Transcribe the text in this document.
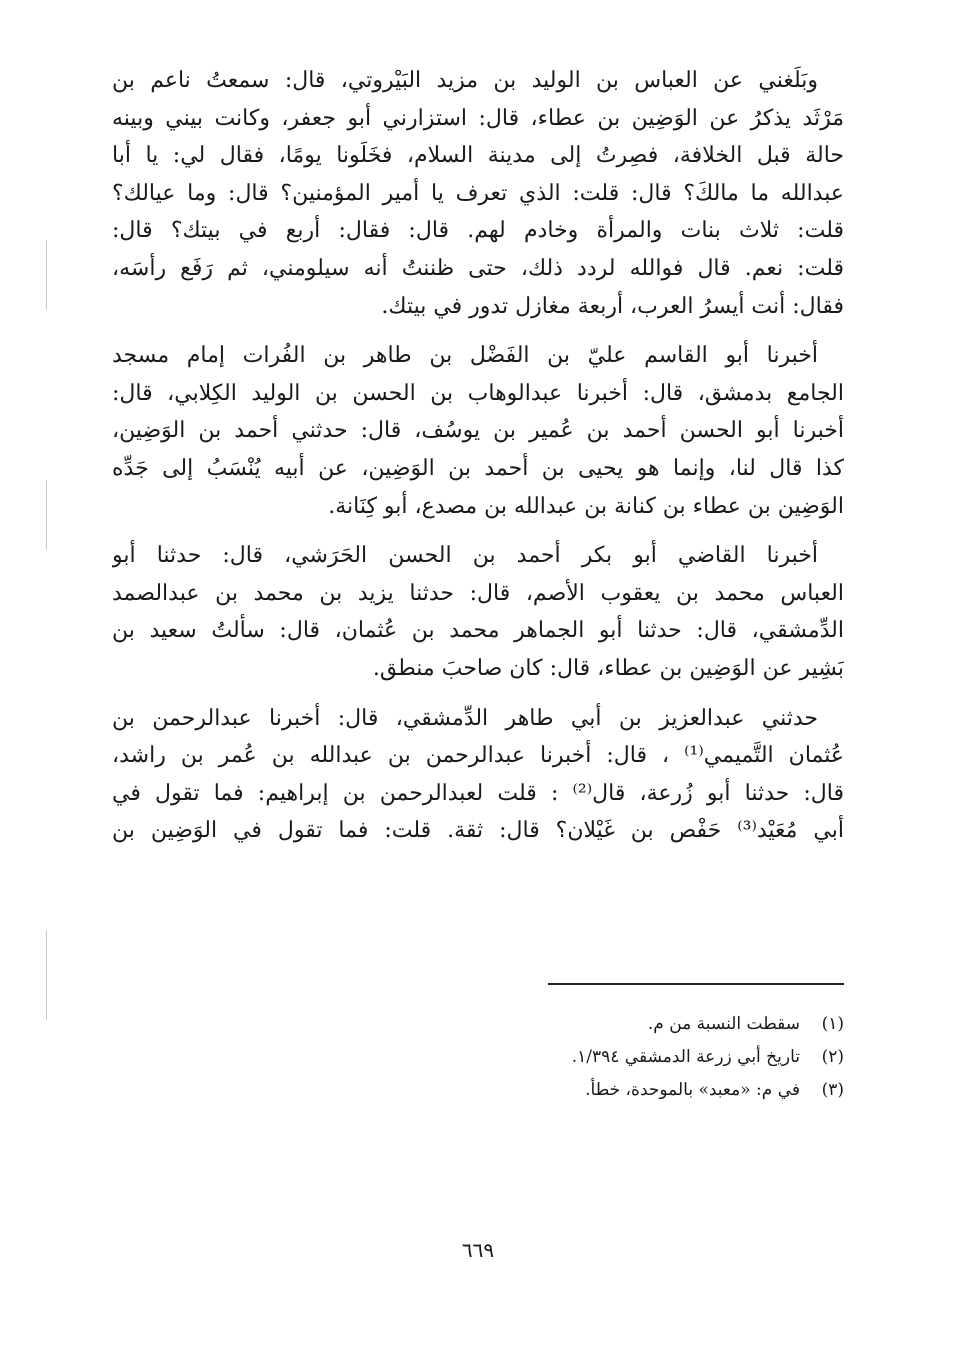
وبَلَغني عن العباس بن الوليد بن مزيد البَيْروتي، قال: سمعتُ ناعم بن
مَرْثَد يذكرُ عن الوَضِين بن عطاء، قال: استزارني أبو جعفر، وكانت بيني وبينه
حالة قبل الخلافة، فصِرتُ إلى مدينة السلام، فخَلَونا يومًا، فقال لي: يا أبا
عبدالله ما مالكَ؟ قال: قلت: الذي تعرف يا أمير المؤمنين؟ قال: وما عيالك؟
قلت: ثلاث بنات والمرأة وخادم لهم. قال: فقال: أربع في بيتك؟ قال:
قلت: نعم. قال فوالله لردد ذلك، حتى ظننتُ أنه سيلومني، ثم رَفَع رأسَه،
فقال: أنت أيسرُ العرب، أربعة مغازل تدور في بيتك.
أخبرنا أبو القاسم عليّ بن الفَضْل بن طاهر بن الفُرات إمام مسجد
الجامع بدمشق، قال: أخبرنا عبدالوهاب بن الحسن بن الوليد الكِلابي، قال:
أخبرنا أبو الحسن أحمد بن عُمير بن يوسُف، قال: حدثني أحمد بن الوَضِين،
كذا قال لنا، وإنما هو يحيى بن أحمد بن الوَضِين، عن أبيه يُنْسَبُ إلى جَدِّه
الوَضِين بن عطاء بن كنانة بن عبدالله بن مصدع، أبو كِنَانة.
أخبرنا القاضي أبو بكر أحمد بن الحسن الحَرَشي، قال: حدثنا أبو
العباس محمد بن يعقوب الأصم، قال: حدثنا يزيد بن محمد بن عبدالصمد
الدِّمشقي، قال: حدثنا أبو الجماهر محمد بن عُثمان، قال: سألتُ سعيد بن
بَشِير عن الوَضِين بن عطاء، قال: كان صاحبَ منطق.
حدثني عبدالعزيز بن أبي طاهر الدِّمشقي، قال: أخبرنا عبدالرحمن بن
عُثمان التَّميمي⁽¹⁾ ، قال: أخبرنا عبدالرحمن بن عبدالله بن عُمر بن راشد،
قال: حدثنا أبو زُرعة، قال⁽²⁾ : قلت لعبدالرحمن بن إبراهيم: فما تقول في
أبي مُعَيْد⁽³⁾ حَفْص بن غَيْلان؟ قال: ثقة. قلت: فما تقول في الوَضِين بن
(١)
سقطت النسبة من م.
(٢)
تاريخ أبي زرعة الدمشقي ١/٣٩٤.
(٣)
في م: «معبد» بالموحدة، خطأ.
٦٦٩
